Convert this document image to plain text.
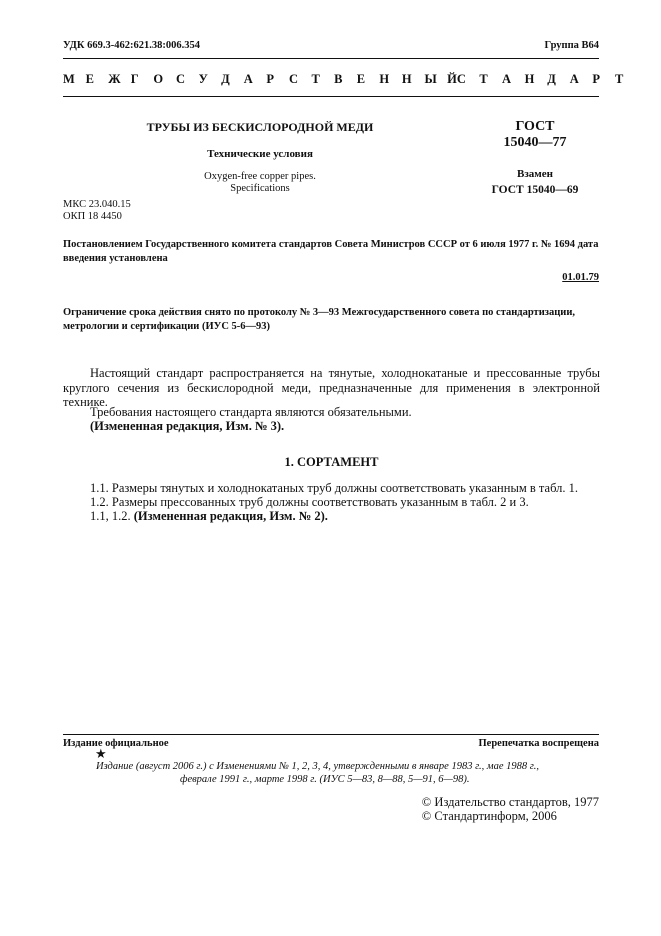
УДК 669.3-462:621.38:006.354	Группа В64
М Е	Ж Г	О	С	У	Д	А	Р	С	Т	В	Е	Н	Н	Ы Й С	Т	А	Н	Д	А	Р	Т
ТРУБЫ ИЗ БЕСКИСЛОРОДНОЙ МЕДИ
Технические условия
Oxygen-free copper pipes.
Specifications
ГОСТ
15040—77
Взамен
ГОСТ 15040—69
МКС 23.040.15
ОКП 18 4450
Постановлением Государственного комитета стандартов Совета Министров СССР от 6 июля 1977 г. № 1694 дата введения установлена
01.01.79
Ограничение срока действия снято по протоколу № 3—93 Межгосударственного совета по стандартизации, метрологии и сертификации (ИУС 5-6—93)
Настоящий стандарт распространяется на тянутые, холоднокатаные и прессованные трубы круглого сечения из бескислородной меди, предназначенные для применения в электронной технике.
Требования настоящего стандарта являются обязательными.
(Измененная редакция, Изм. № 3).
1. СОРТАМЕНТ
1.1. Размеры тянутых и холоднокатаных труб должны соответствовать указанным в табл. 1.
1.2. Размеры прессованных труб должны соответствовать указанным в табл. 2 и 3.
1.1, 1.2. (Измененная редакция, Изм. № 2).
Издание официальное	Перепечатка воспрещена
★
Издание (август 2006 г.) с Изменениями № 1, 2, 3, 4, утвержденными в январе 1983 г., мае 1988 г.,
феврале 1991 г., марте 1998 г. (ИУС 5—83, 8—88, 5—91, 6—98).
© Издательство стандартов, 1977
© Стандартинформ, 2006
